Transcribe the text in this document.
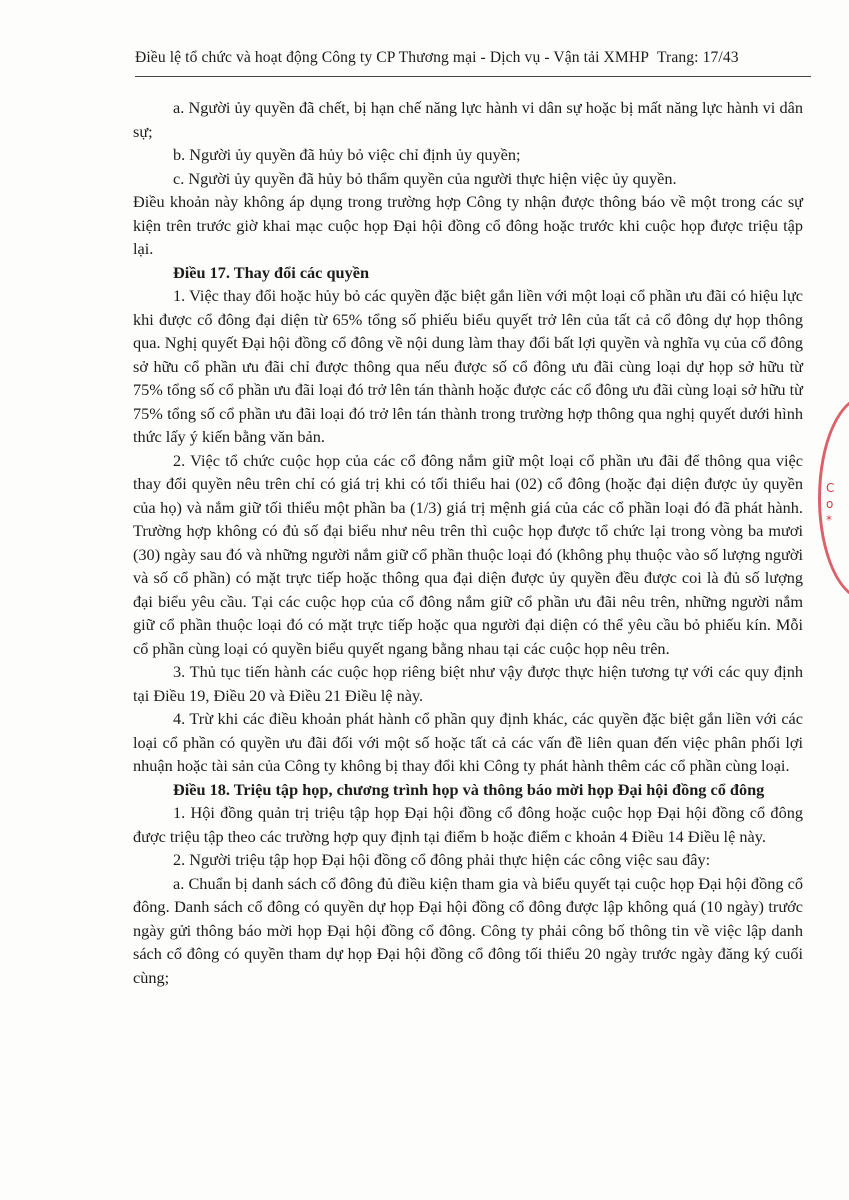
Điều lệ tổ chức và hoạt động Công ty CP Thương mại - Dịch vụ - Vận tải XMHP Trang: 17/43

a. Người ủy quyền đã chết, bị hạn chế năng lực hành vi dân sự hoặc bị mất năng lực hành vi dân sự;

b. Người ủy quyền đã hủy bỏ việc chỉ định ủy quyền;

c. Người ủy quyền đã hủy bỏ thẩm quyền của người thực hiện việc ủy quyền.

Điều khoản này không áp dụng trong trường hợp Công ty nhận được thông báo về một trong các sự kiện trên trước giờ khai mạc cuộc họp Đại hội đồng cổ đông hoặc trước khi cuộc họp được triệu tập lại.

Điều 17. Thay đổi các quyền

1. Việc thay đổi hoặc hủy bỏ các quyền đặc biệt gắn liền với một loại cổ phần ưu đãi có hiệu lực khi được cổ đông đại diện từ 65% tổng số phiếu biểu quyết trở lên của tất cả cổ đông dự họp thông qua. Nghị quyết Đại hội đồng cổ đông về nội dung làm thay đổi bất lợi quyền và nghĩa vụ của cổ đông sở hữu cổ phần ưu đãi chỉ được thông qua nếu được số cổ đông ưu đãi cùng loại dự họp sở hữu từ 75% tổng số cổ phần ưu đãi loại đó trở lên tán thành hoặc được các cổ đông ưu đãi cùng loại sở hữu từ 75% tổng số cổ phần ưu đãi loại đó trở lên tán thành trong trường hợp thông qua nghị quyết dưới hình thức lấy ý kiến bằng văn bản.

2. Việc tổ chức cuộc họp của các cổ đông nắm giữ một loại cổ phần ưu đãi để thông qua việc thay đổi quyền nêu trên chỉ có giá trị khi có tối thiểu hai (02) cổ đông (hoặc đại diện được ủy quyền của họ) và nắm giữ tối thiểu một phần ba (1/3) giá trị mệnh giá của các cổ phần loại đó đã phát hành. Trường hợp không có đủ số đại biểu như nêu trên thì cuộc họp được tổ chức lại trong vòng ba mươi (30) ngày sau đó và những người nắm giữ cổ phần thuộc loại đó (không phụ thuộc vào số lượng người và số cổ phần) có mặt trực tiếp hoặc thông qua đại diện được ủy quyền đều được coi là đủ số lượng đại biểu yêu cầu. Tại các cuộc họp của cổ đông nắm giữ cổ phần ưu đãi nêu trên, những người nắm giữ cổ phần thuộc loại đó có mặt trực tiếp hoặc qua người đại diện có thể yêu cầu bỏ phiếu kín. Mỗi cổ phần cùng loại có quyền biểu quyết ngang bằng nhau tại các cuộc họp nêu trên.

3. Thủ tục tiến hành các cuộc họp riêng biệt như vậy được thực hiện tương tự với các quy định tại Điều 19, Điều 20 và Điều 21 Điều lệ này.

4. Trừ khi các điều khoản phát hành cổ phần quy định khác, các quyền đặc biệt gắn liền với các loại cổ phần có quyền ưu đãi đối với một số hoặc tất cả các vấn đề liên quan đến việc phân phối lợi nhuận hoặc tài sản của Công ty không bị thay đổi khi Công ty phát hành thêm các cổ phần cùng loại.

Điều 18. Triệu tập họp, chương trình họp và thông báo mời họp Đại hội đồng cổ đông

1. Hội đồng quản trị triệu tập họp Đại hội đồng cổ đông hoặc cuộc họp Đại hội đồng cổ đông được triệu tập theo các trường hợp quy định tại điểm b hoặc điểm c khoản 4 Điều 14 Điều lệ này.

2. Người triệu tập họp Đại hội đồng cổ đông phải thực hiện các công việc sau đây:

a. Chuẩn bị danh sách cổ đông đủ điều kiện tham gia và biểu quyết tại cuộc họp Đại hội đồng cổ đông. Danh sách cổ đông có quyền dự họp Đại hội đồng cổ đông được lập không quá (10 ngày) trước ngày gửi thông báo mời họp Đại hội đồng cổ đông. Công ty phải công bố thông tin về việc lập danh sách cổ đông có quyền tham dự họp Đại hội đồng cổ đông tối thiểu 20 ngày trước ngày đăng ký cuối cùng;

C
o
*
